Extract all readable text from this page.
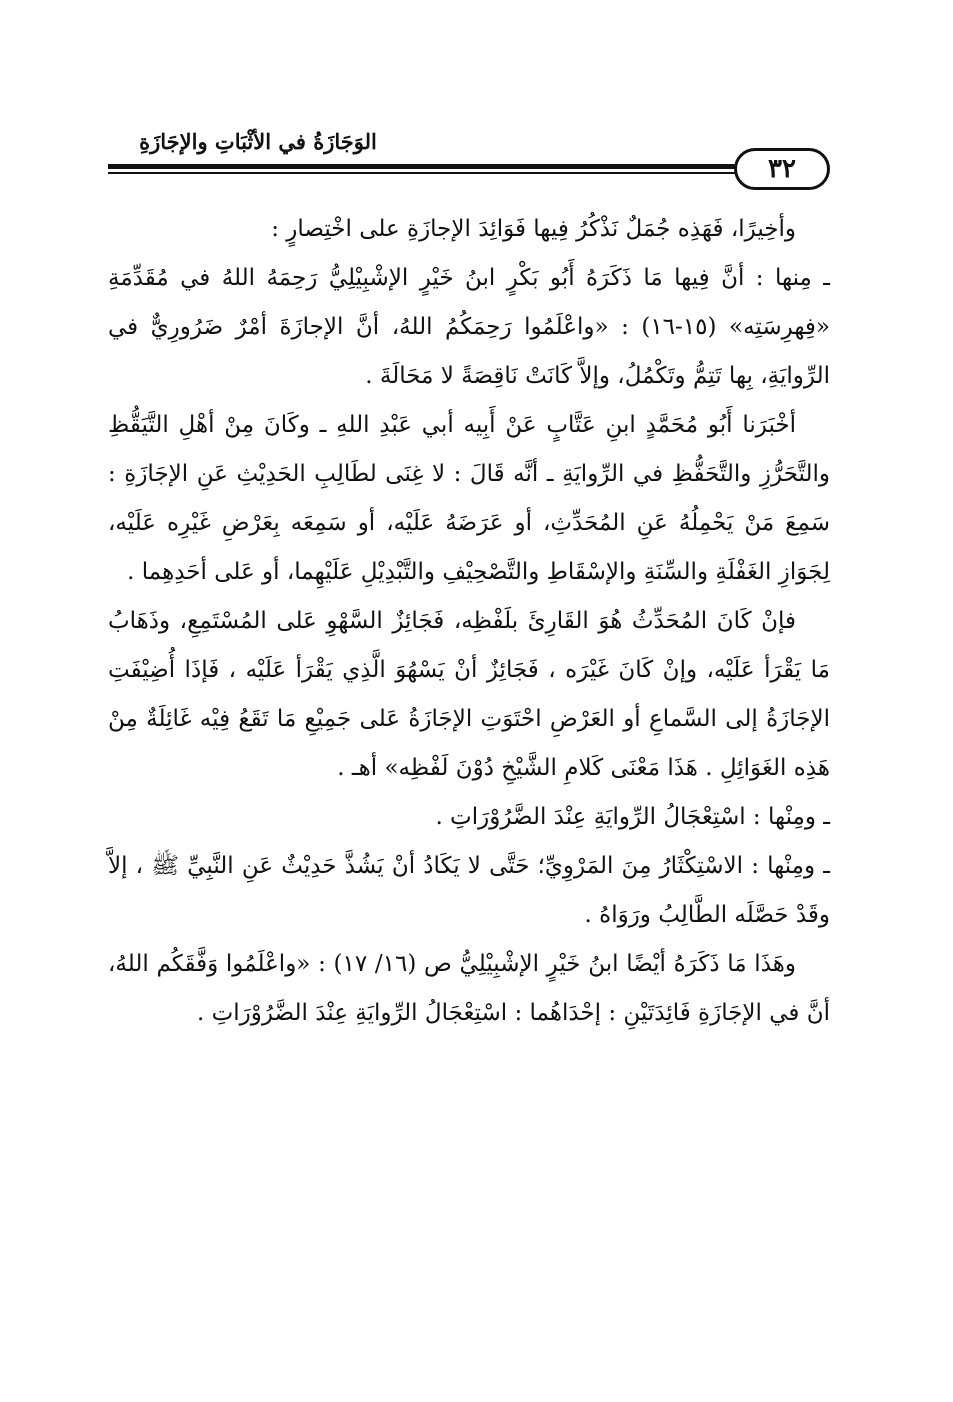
الوَجَازَةُ في الأثْبَاتِ والإجَازَةِ
٣٢

وأخِيرًا، فَهَذِه جُمَلٌ نَذْكُرُ فِيها فَوَائِدَ الإجازَةِ على اخْتِصارٍ :

ـ مِنها : أنَّ فِيها مَا ذَكَرَهُ أَبُو بَكْرٍ ابنُ خَيْرٍ الإشْبِيْلِيُّ رَحِمَهُ اللهُ في مُقَدِّمَةِ «فِهرِسَتِه» (١٥-١٦) : «واعْلَمُوا رَحِمَكُمُ اللهُ، أنَّ الإجازَةَ أمْرٌ ضَرُورِيٌّ في الرِّوايَةِ، بِها تَتِمُّ وتَكْمُلُ، وإلاَّ كَانَتْ نَاقِصَةً لا مَحَالَةَ .

أخْبَرَنا أَبُو مُحَمَّدٍ ابنِ عَتَّابٍ عَنْ أَبِيه أبي عَبْدِ اللهِ ـ وكَانَ مِنْ أهْلِ التَّيَقُّظِ والتَّحَرُّزِ والتَّحَفُّظِ في الرِّوايَةِ ـ أنَّه قَالَ : لا غِنَى لطَالِبِ الحَدِيْثِ عَنِ الإجَازَةِ : سَمِعَ مَنْ يَحْمِلُهُ عَنِ المُحَدِّثِ، أو عَرَضَهُ عَلَيْه، أو سَمِعَه بِعَرْضِ غَيْرِه عَلَيْه، لِجَوَازِ الغَفْلَةِ والسِّنَةِ والإسْقَاطِ والتَّصْحِيْفِ والتَّبْدِيْلِ عَلَيْهِما، أو عَلى أحَدِهِما .

فإنْ كَانَ المُحَدِّثُ هُوَ القَارِئَ بلَفْظِه، فَجَائِزٌ السَّهْوِ عَلى المُسْتَمِعِ، وذَهَابُ مَا يَقْرَأ عَلَيْه، وإنْ كَانَ غَيْرَه ، فَجَائِزٌ أنْ يَسْهُوَ الَّذِي يَقْرَأ عَلَيْه ، فَإذَا أُضِيْفَتِ الإجَازَةُ إلى السَّماعِ أو العَرْضِ احْتَوَتِ الإجَازَةُ عَلى جَمِيْعِ مَا تَقَعُ فِيْه غَائِلَةٌ مِنْ هَذِه الغَوَائِلِ . هَذَا مَعْنَى كَلامِ الشَّيْخِ دُوْنَ لَفْظِه» أهـ .

ـ ومِنْها : اسْتِعْجَالُ الرِّوايَةِ عِنْدَ الضَّرُوْرَاتِ .

ـ ومِنْها : الاسْتِكْثَارُ مِنَ المَرْوِيِّ؛ حَتَّى لا يَكَادُ أنْ يَشُذَّ حَدِيْثٌ عَنِ النَّبِيِّ ﷺ ، إلاَّ وقَدْ حَصَّلَه الطَّالِبُ ورَوَاهُ .

وهَذَا مَا ذَكَرَهُ أيْضًا ابنُ خَيْرٍ الإشْبِيْلِيُّ ص (١٦/ ١٧) : «واعْلَمُوا وَفَّقَكُم اللهُ، أنَّ في الإجَازَةِ فَائِدَتَيْنِ : إحْدَاهُما : اسْتِعْجَالُ الرِّوايَةِ عِنْدَ الضَّرُوْرَاتِ .
